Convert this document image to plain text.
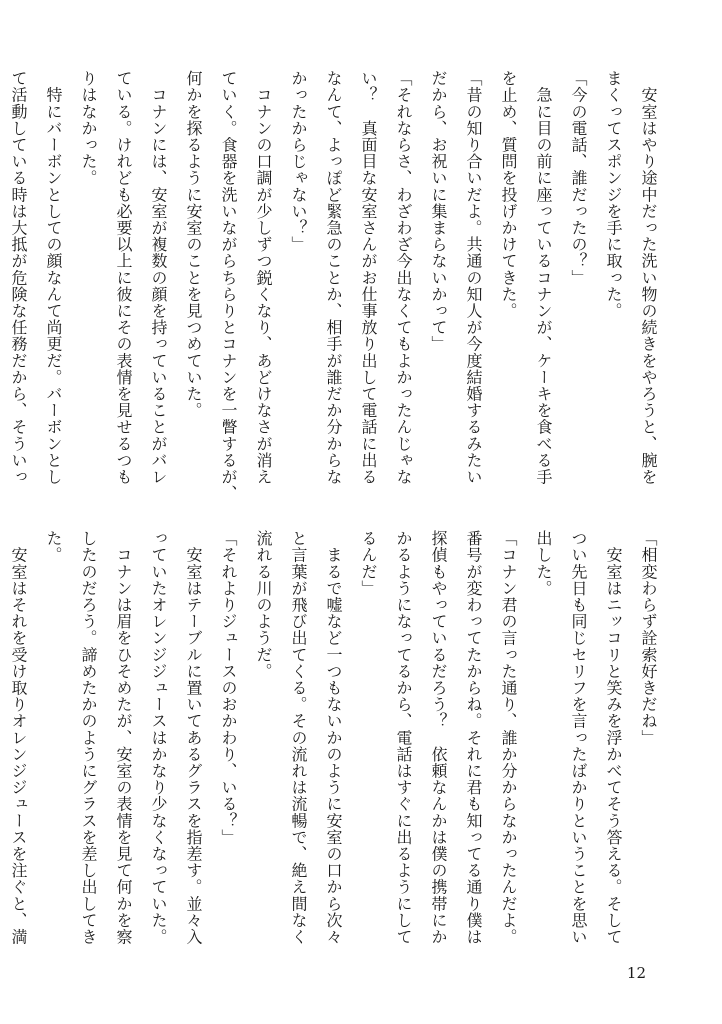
　安室はやり途中だった洗い物の続きをやろうと、腕を
まくってスポンジを手に取った。
「今の電話、誰だったの？」
　急に目の前に座っているコナンが、ケーキを食べる手
を止め、質問を投げかけてきた。
「昔の知り合いだよ。共通の知人が今度結婚するみたい
だから、お祝いに集まらないかって」
「それならさ、わざわざ今出なくてもよかったんじゃな
い？　真面目な安室さんがお仕事放り出して電話に出る
なんて、よっぽど緊急のことか、相手が誰だか分からな
かったからじゃない？」
　コナンの口調が少しずつ鋭くなり、あどけなさが消え
ていく。食器を洗いながらちらりとコナンを一瞥するが、
何かを探るように安室のことを見つめていた。
　コナンには、安室が複数の顔を持っていることがバレ
ている。けれども必要以上に彼にその表情を見せるつも
りはなかった。
　特にバーボンとしての顔なんて尚更だ。バーボンとし
て活動している時は大抵が危険な任務だから、そういっ
「相変わらず詮索好きだね」
　安室はニッコリと笑みを浮かべてそう答える。そして
つい先日も同じセリフを言ったばかりということを思い
出した。
「コナン君の言った通り、誰か分からなかったんだよ。
番号が変わってたからね。それに君も知ってる通り僕は
探偵もやっているだろう？　依頼なんかは僕の携帯にか
かるようになってるから、電話はすぐに出るようにして
るんだ」
　まるで嘘など一つもないかのように安室の口から次々
と言葉が飛び出てくる。その流れは流暢で、絶え間なく
流れる川のようだ。
「それよりジュースのおかわり、いる？」
　安室はテーブルに置いてあるグラスを指差す。並々入
っていたオレンジジュースはかなり少なくなっていた。
　コナンは眉をひそめたが、安室の表情を見て何かを察
したのだろう。諦めたかのようにグラスを差し出してき
た。
　安室はそれを受け取りオレンジジュースを注ぐと、満
12
